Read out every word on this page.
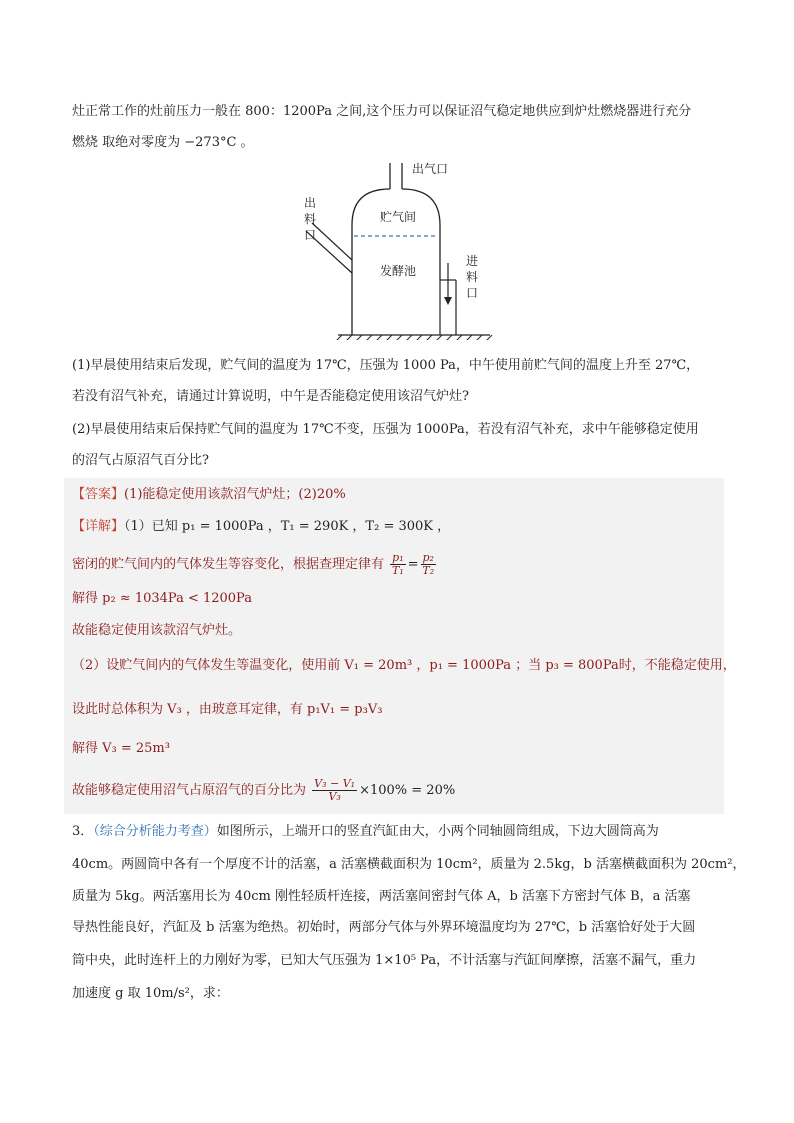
灶正常工作的灶前压力一般在 800：1200Pa 之间,这个压力可以保证沼气稳定地供应到炉灶燃烧器进行充分
燃烧 取绝对零度为 −273°C 。
出气口
出
料
口
进
料
口
贮气间
发酵池
(1)早晨使用结束后发现，贮气间的温度为 17℃，压强为 1000 Pa，中午使用前贮气间的温度上升至 27℃，
若没有沼气补充，请通过计算说明，中午是否能稳定使用该沼气炉灶?
(2)早晨使用结束后保持贮气间的温度为 17℃不变，压强为 1000Pa，若没有沼气补充，求中午能够稳定使用
的沼气占原沼气百分比?
【答案】(1)能稳定使用该款沼气炉灶；(2)20%
【详解】（1）已知 p₁ = 1000Pa ，T₁ = 290K ，T₂ = 300K ，
密闭的贮气间内的气体发生等容变化，根据查理定律有 $\frac{\text{p₁}}{\text{T₁}} = \frac{\text{p₂}}{\text{T₂}}$
解得 p₂ ≈ 1034Pa < 1200Pa
故能稳定使用该款沼气炉灶。
（2）设贮气间内的气体发生等温变化，使用前 V₁ = 20m³ ，p₁ = 1000Pa ；当 p₃ = 800Pa时，不能稳定使用，
设此时总体积为 V₃ ，由玻意耳定律，有 p₁V₁ = p₃V₃
解得 V₃ = 25m³
故能够稳定使用沼气占原沼气的百分比为 $\frac{\text{V₃ − V₁}}{\text{V₃}} \times 100\% = 20\%$
3．（综合分析能力考查）如图所示，上端开口的竖直汽缸由大，小两个同轴圆筒组成，下边大圆筒高为
40cm。两圆筒中各有一个厚度不计的活塞，a 活塞横截面积为 10cm²，质量为 2.5kg，b 活塞横截面积为 20cm²，
质量为 5kg。两活塞用长为 40cm 刚性轻质杆连接，两活塞间密封气体 A，b 活塞下方密封气体 B，a 活塞
导热性能良好，汽缸及 b 活塞为绝热。初始时，两部分气体与外界环境温度均为 27℃，b 活塞恰好处于大圆
筒中央，此时连杆上的力刚好为零，已知大气压强为 1×10⁵ Pa，不计活塞与汽缸间摩擦，活塞不漏气，重力
加速度 g 取 10m/s²，求：
